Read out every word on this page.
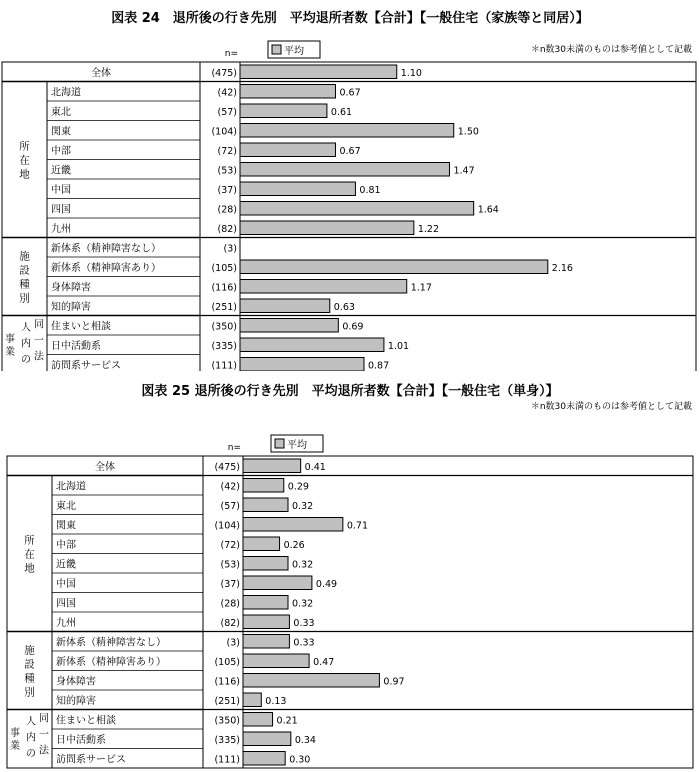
図表 24　退所後の行き先別　平均退所者数【合計】【一般住宅（家族等と同居）】
＊n数30未満のものは参考値として記載
n=	平均
所
在
地
施
設
種
別
事
業
人 同
内 一
の 法
全体	(475)	1.10
北海道	(42)	0.67
東北	(57)	0.61
関東	(104)	1.50
中部	(72)	0.67
近畿	(53)	1.47
中国	(37)	0.81
四国	(28)	1.64
九州	(82)	1.22
新体系（精神障害なし）	(3)
新体系（精神障害あり）	(105)	2.16
身体障害	(116)	1.17
知的障害	(251)	0.63
住まいと相談	(350)	0.69
日中活動系	(335)	1.01
訪問系サービス	(111)	0.87
図表 25 退所後の行き先別　平均退所者数【合計】【一般住宅（単身）】
＊n数30未満のものは参考値として記載
n=	平均
所
在
地
施
設
種
別
事
業
人 同
内 一
の 法
全体	(475)	0.41
北海道	(42)	0.29
東北	(57)	0.32
関東	(104)	0.71
中部	(72)	0.26
近畿	(53)	0.32
中国	(37)	0.49
四国	(28)	0.32
九州	(82)	0.33
新体系（精神障害なし）	(3)	0.33
新体系（精神障害あり）	(105)	0.47
身体障害	(116)	0.97
知的障害	(251)	0.13
住まいと相談	(350)	0.21
日中活動系	(335)	0.34
訪問系サービス	(111)	0.30
